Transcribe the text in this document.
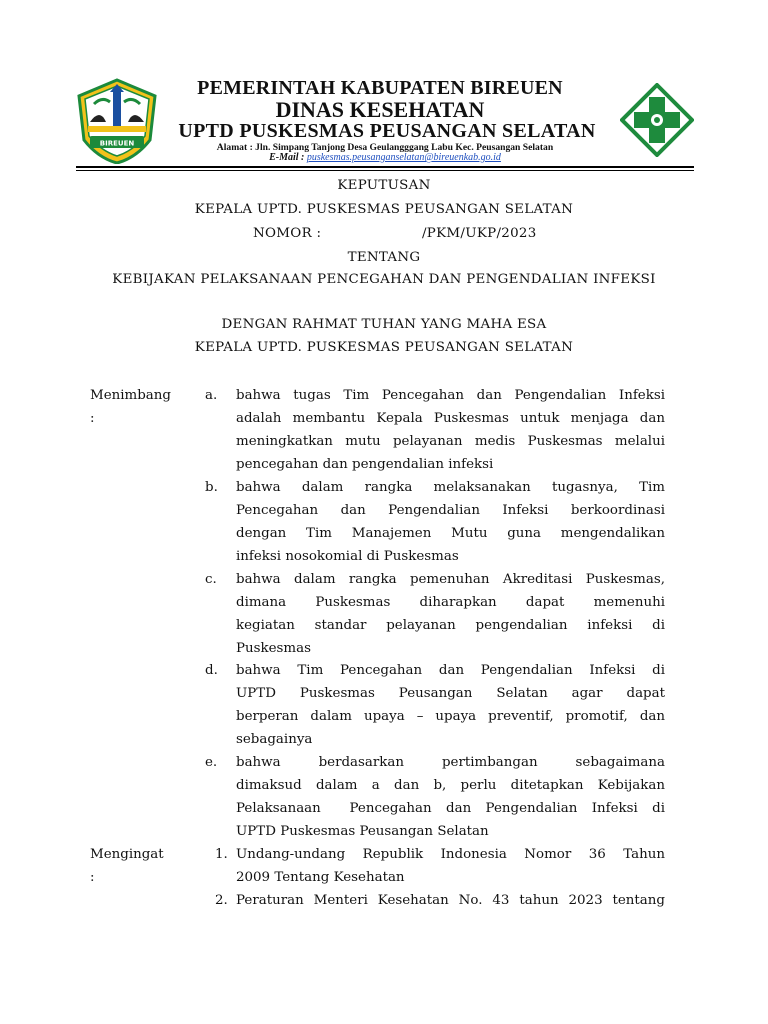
BIREUEN
PEMERINTAH KABUPATEN BIREUEN
DINAS KESEHATAN
UPTD PUSKESMAS PEUSANGAN SELATAN
Alamat : Jln. Simpang Tanjong Desa Geulangggang Labu Kec. Peusangan Selatan
E-Mail : puskesmas.peusanganselatan@bireuenkab.go.id
KEPUTUSAN
KEPALA UPTD. PUSKESMAS PEUSANGAN SELATAN
NOMOR :	/PKM/UKP/2023
TENTANG
KEBIJAKAN PELAKSANAAN PENCEGAHAN DAN PENGENDALIAN INFEKSI
DENGAN RAHMAT TUHAN YANG MAHA ESA
KEPALA UPTD. PUSKESMAS PEUSANGAN SELATAN
Menimbang
:
a.	bahwa tugas Tim Pencegahan dan Pengendalian Infeksi
adalah membantu Kepala Puskesmas untuk menjaga dan
meningkatkan mutu pelayanan medis Puskesmas melalui
pencegahan dan pengendalian infeksi
b.	bahwa dalam rangka melaksanakan tugasnya, Tim
Pencegahan dan Pengendalian Infeksi berkoordinasi
dengan Tim Manajemen Mutu guna mengendalikan
infeksi nosokomial di Puskesmas
c.	bahwa dalam rangka pemenuhan Akreditasi Puskesmas,
dimana Puskesmas diharapkan dapat memenuhi
kegiatan standar pelayanan pengendalian infeksi di
Puskesmas
d.	bahwa Tim Pencegahan dan Pengendalian Infeksi di
UPTD Puskesmas Peusangan Selatan agar dapat
berperan dalam upaya – upaya preventif, promotif, dan
sebagainya
e.	bahwa berdasarkan pertimbangan sebagaimana
dimaksud dalam a dan b, perlu ditetapkan Kebijakan
Pelaksanaan  Pencegahan dan Pengendalian Infeksi di
UPTD Puskesmas Peusangan Selatan
Mengingat
:
1. Undang-undang Republik Indonesia Nomor 36 Tahun
2009 Tentang Kesehatan
2. Peraturan Menteri Kesehatan No. 43 tahun 2023 tentang
